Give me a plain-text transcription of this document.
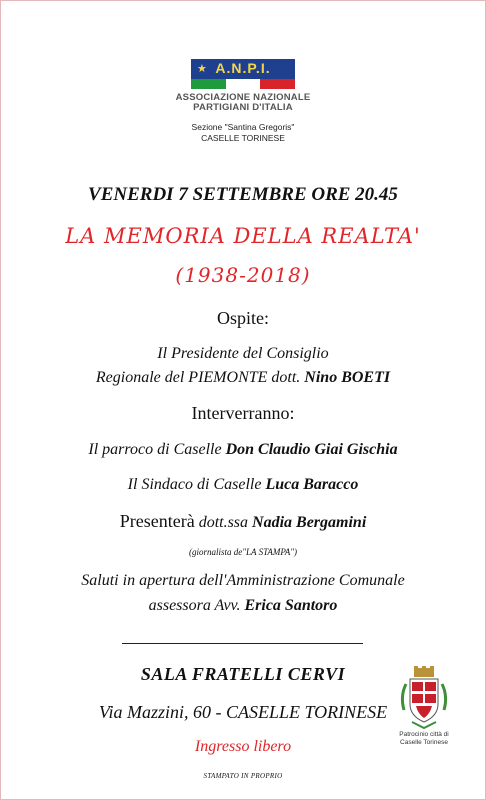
★ A.N.P.I.
ASSOCIAZIONE NAZIONALE
PARTIGIANI D'ITALIA
Sezione "Santina Gregoris"
CASELLE TORINESE
VENERDI 7 SETTEMBRE ORE 20.45
LA MEMORIA DELLA REALTA'
(1938-2018)
Ospite:
Il Presidente del Consiglio
Regionale del PIEMONTE dott. Nino BOETI
Interverranno:
Il parroco di Caselle Don Claudio Giai Gischia
Il Sindaco di Caselle Luca Baracco
Presenterà dott.ssa Nadia Bergamini
(giornalista de"LA STAMPA")
Saluti in apertura dell'Amministrazione Comunale
assessora Avv. Erica Santoro
SALA FRATELLI CERVI
Via Mazzini, 60 - CASELLE TORINESE
Ingresso libero
STAMPATO IN PROPRIO
Patrocinio città di
Caselle Torinese
